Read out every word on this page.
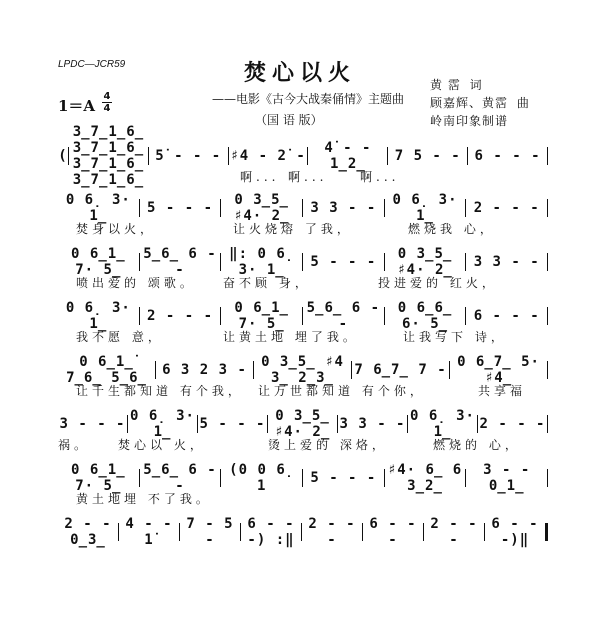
LPDC—JCR59	焚心以火
1＝A
4
4
——电影《古今大战秦俑情》主题曲
（国 语 版）
黄 霑 词
顾嘉辉、黄霑 曲
岭南印象制谱
(
3̲7̲1̲6̲ 3̲7̲1̲6̲ 3̲7̲1̲6̲ 3̲7̲1̲6̲
5̇ - - - ♯4 - 2̇ -	4̇ - - 1̲2̲	7 5 - - 6 - - -
啊... 啊...	啊...
0 6̣ 3· 1̲	5 - - -	0 3̲5̲ ♯4· 2̲	3 3 - -	0 6̣ 3· 1̲	2 - - -
焚身以火，	让火烧熔 了我，	燃烧我 心，
0 6̲1̲ 7· 5̲
5̲6̲ 6 - -
‖: 0 6̣ 3· 1̲	5 - - -	0 3̲5̲ ♯4· 2̲	3 3 - -
喷出爱的 颂歌。 奋不顾 身，	投进爱的 红火，
0 6̣ 3· 1̲	2 - - -	0 6̲1̲ 7· 5̲
5̲6̲ 6 - -
0 6̲6̲ 6· 5̲	6 - - -
我不愿 意，	让黄土地 埋了我。	让我写下 诗，
0 6̲1̲̇ 7̲6̲ 5̲6̲	6 3 2 3 -	0 3̲5̲ ♯4 3̲ 2̲3̲	7 6̲7̲ 7 - 0 6̲7̲ 5· ♯4̲
让千生都知道 有个我， 让万世都知道 有个你，	共享福
3 - - - 0 6̣ 3· 1̲	5 - - - 0 3̲5̲ ♯4· 2̲ 3 3 - - 0 6̣ 3· 1̲	2 - - -
祸。 焚心以 火，	烫上爱的 深烙，	燃烧的 心，
0 6̲1̲ 7· 5̲
5̲6̲ 6 - -
(0 0 6̣ 1	5 - - - ♯4· 6̲ 6 3̲2̲
3 - - 0̲1̲
黄土地埋 不了我。
2 - - 0̲3̲
4 - - 1̇
7 - 5 -
6 - - -) :‖
2 - - -
6 - - -
2 - - -
6 - - -)‖
